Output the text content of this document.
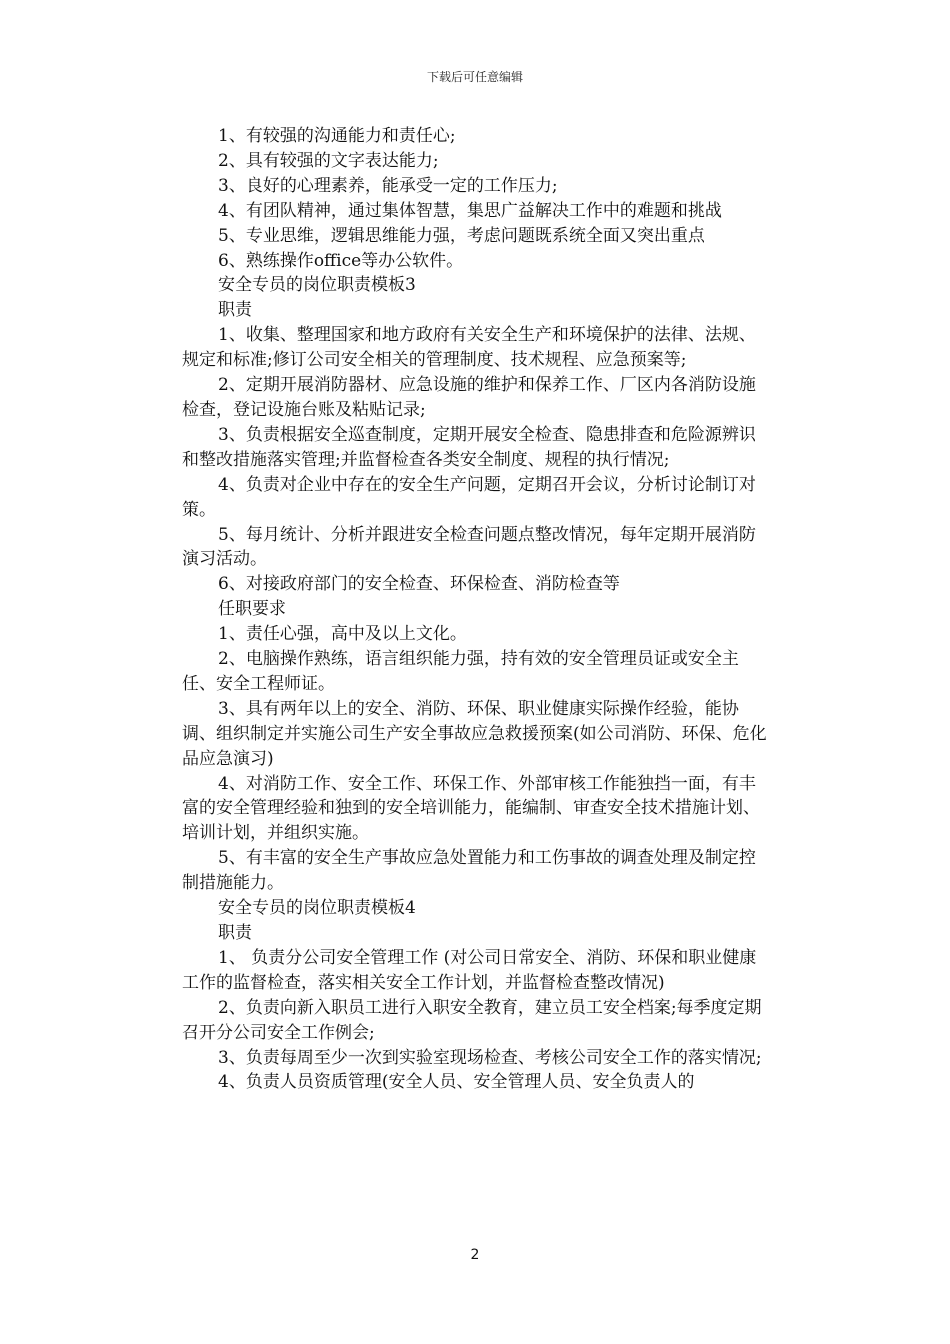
下载后可任意编辑

1、有较强的沟通能力和责任心;

2、具有较强的文字表达能力;

3、良好的心理素养，能承受一定的工作压力;

4、有团队精神，通过集体智慧，集思广益解决工作中的难题和挑战

5、专业思维，逻辑思维能力强，考虑问题既系统全面又突出重点

6、熟练操作office等办公软件。

安全专员的岗位职责模板3

职责

1、收集、整理国家和地方政府有关安全生产和环境保护的法律、法规、规定和标准;修订公司安全相关的管理制度、技术规程、应急预案等;

2、定期开展消防器材、应急设施的维护和保养工作、厂区内各消防设施检查，登记设施台账及粘贴记录;

3、负责根据安全巡查制度，定期开展安全检查、隐患排查和危险源辨识和整改措施落实管理;并监督检查各类安全制度、规程的执行情况;

4、负责对企业中存在的安全生产问题，定期召开会议，分析讨论制订对策。

5、每月统计、分析并跟进安全检查问题点整改情况，每年定期开展消防演习活动。

6、对接政府部门的安全检查、环保检查、消防检查等

任职要求

1、责任心强，高中及以上文化。

2、电脑操作熟练，语言组织能力强，持有效的安全管理员证或安全主任、安全工程师证。

3、具有两年以上的安全、消防、环保、职业健康实际操作经验，能协调、组织制定并实施公司生产安全事故应急救援预案(如公司消防、环保、危化品应急演习)

4、对消防工作、安全工作、环保工作、外部审核工作能独挡一面，有丰富的安全管理经验和独到的安全培训能力，能编制、审查安全技术措施计划、培训计划，并组织实施。

5、有丰富的安全生产事故应急处置能力和工伤事故的调查处理及制定控制措施能力。

安全专员的岗位职责模板4

职责

1、 负责分公司安全管理工作 (对公司日常安全、消防、环保和职业健康工作的监督检查，落实相关安全工作计划，并监督检查整改情况)

2、负责向新入职员工进行入职安全教育，建立员工安全档案;每季度定期召开分公司安全工作例会;

3、负责每周至少一次到实验室现场检查、考核公司安全工作的落实情况;

4、负责人员资质管理(安全人员、安全管理人员、安全负责人的

2
